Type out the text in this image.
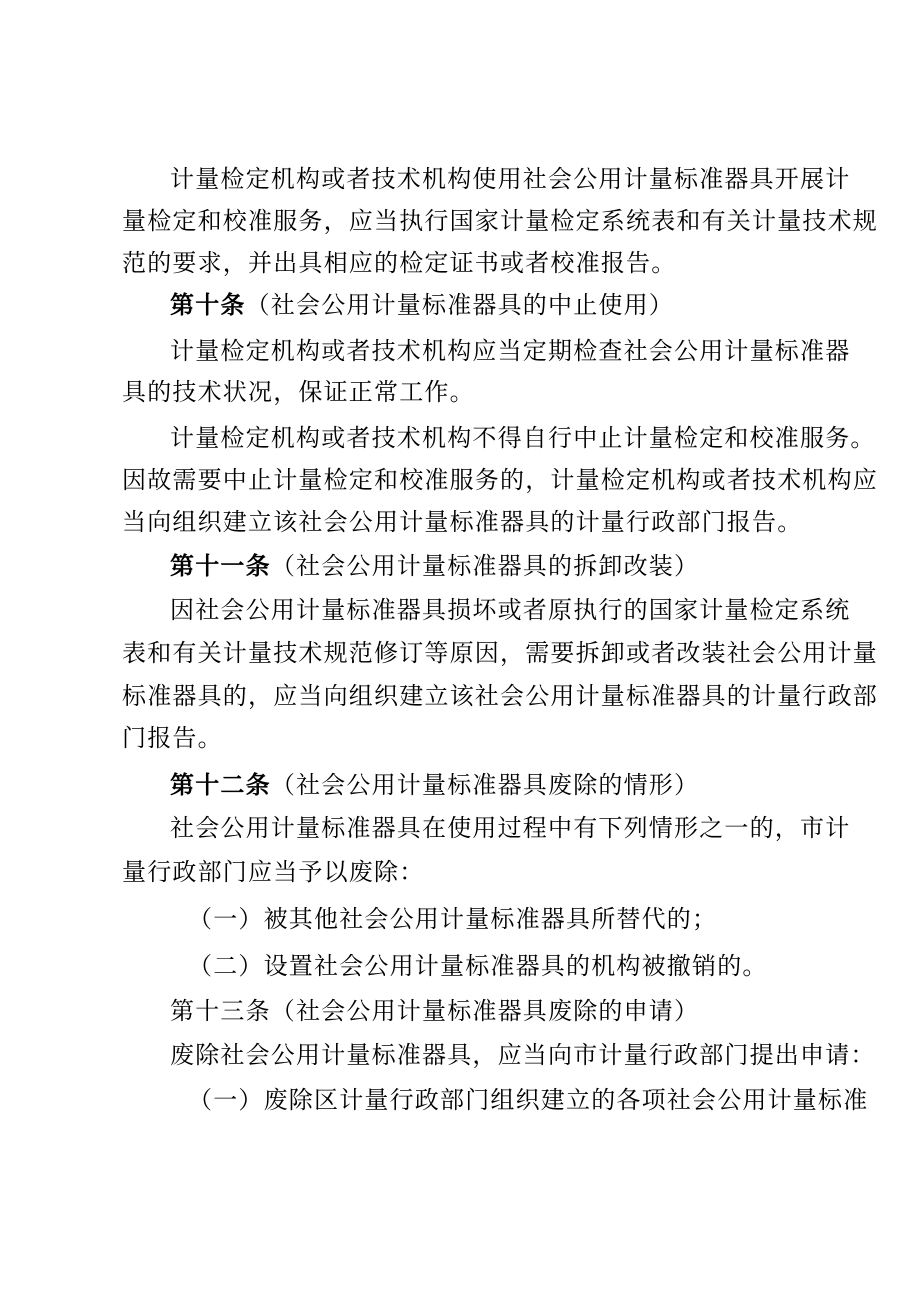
计量检定机构或者技术机构使用社会公用计量标准器具开展计
量检定和校准服务，应当执行国家计量检定系统表和有关计量技术规
范的要求，并出具相应的检定证书或者校准报告。
第十条（社会公用计量标准器具的中止使用）
计量检定机构或者技术机构应当定期检查社会公用计量标准器
具的技术状况，保证正常工作。
计量检定机构或者技术机构不得自行中止计量检定和校准服务。
因故需要中止计量检定和校准服务的，计量检定机构或者技术机构应
当向组织建立该社会公用计量标准器具的计量行政部门报告。
第十一条（社会公用计量标准器具的拆卸改装）
因社会公用计量标准器具损坏或者原执行的国家计量检定系统
表和有关计量技术规范修订等原因，需要拆卸或者改装社会公用计量
标准器具的，应当向组织建立该社会公用计量标准器具的计量行政部
门报告。
第十二条（社会公用计量标准器具废除的情形）
社会公用计量标准器具在使用过程中有下列情形之一的，市计
量行政部门应当予以废除：
（一）被其他社会公用计量标准器具所替代的；
（二）设置社会公用计量标准器具的机构被撤销的。
第十三条（社会公用计量标准器具废除的申请）
废除社会公用计量标准器具，应当向市计量行政部门提出申请：
（一）废除区计量行政部门组织建立的各项社会公用计量标准
